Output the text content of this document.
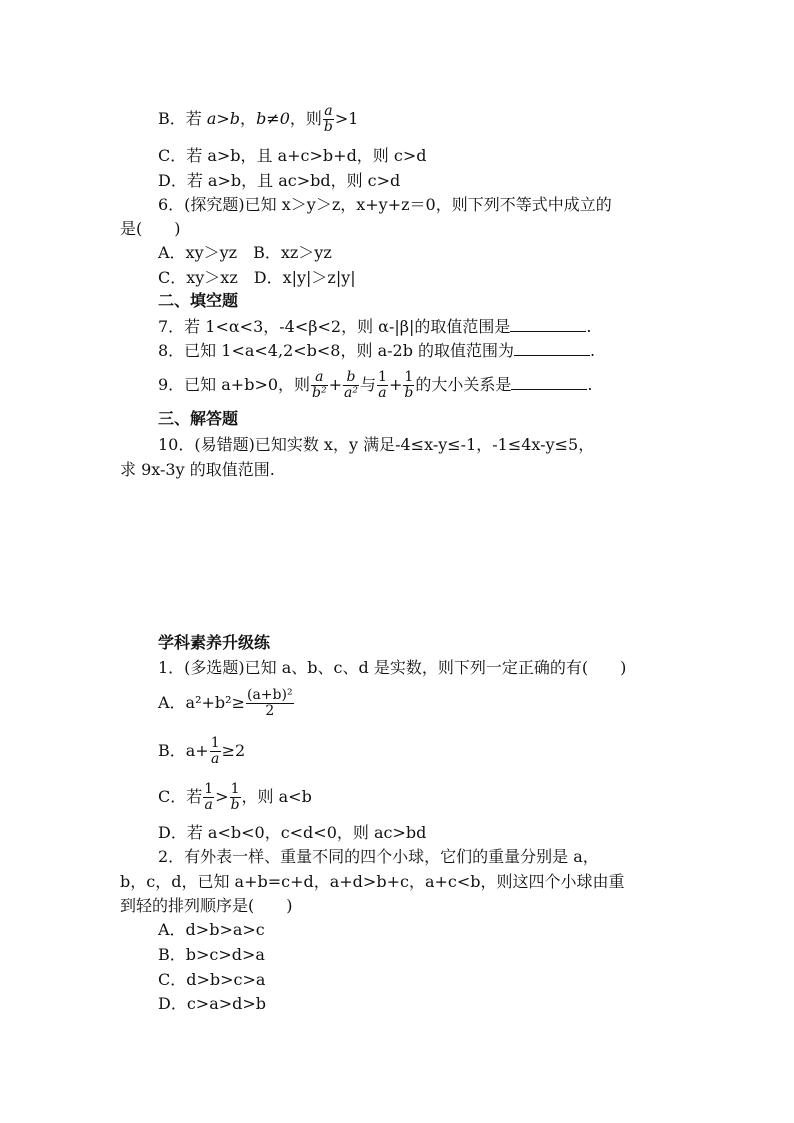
B．若 a>b，b≠0，则 $\frac{a}{b} >1$
C．若 a>b，且 a+c>b+d，则 c>d
D．若 a>b，且 ac>bd，则 c>d
6．(探究题)已知 x＞y＞z，x+y+z＝0，则下列不等式中成立的
是(　　)
A．xy＞yz　B．xz＞yz
C．xy＞xz　D．x|y|＞z|y|
二、填空题
7．若 1<α<3，-4<β<2，则 α-|β|的取值范围是	.
8．已知 1<a<4,2<b<8，则 a-2b 的取值范围为	.
9．已知 a+b>0，则 $\frac{a}{\text{b²}} + \frac{b}{\text{a²}}$ 与 $\frac{1}{a} + \frac{1}{b}$ 的大小关系是	.
三、解答题
10．(易错题)已知实数 x，y 满足-4≤x-y≤-1，-1≤4x-y≤5，
求 9x-3y 的取值范围.
学科素养升级练
1．(多选题)已知 a、b、c、d 是实数，则下列一定正确的有(　　)
A．$a^2+b^2\ge \frac{\text{(a+b)²}}{2}$
B．$a+ \frac{1}{a} \ge 2$
C．若 $\frac{1}{a} > \frac{1}{b}$ ，则 a<b
D．若 a<b<0，c<d<0，则 ac>bd
2．有外表一样、重量不同的四个小球，它们的重量分别是 a，
b，c，d，已知 a+b=c+d，a+d>b+c，a+c<b，则这四个小球由重
到轻的排列顺序是(　　)
A．d>b>a>c
B．b>c>d>a
C．d>b>c>a
D．c>a>d>b
